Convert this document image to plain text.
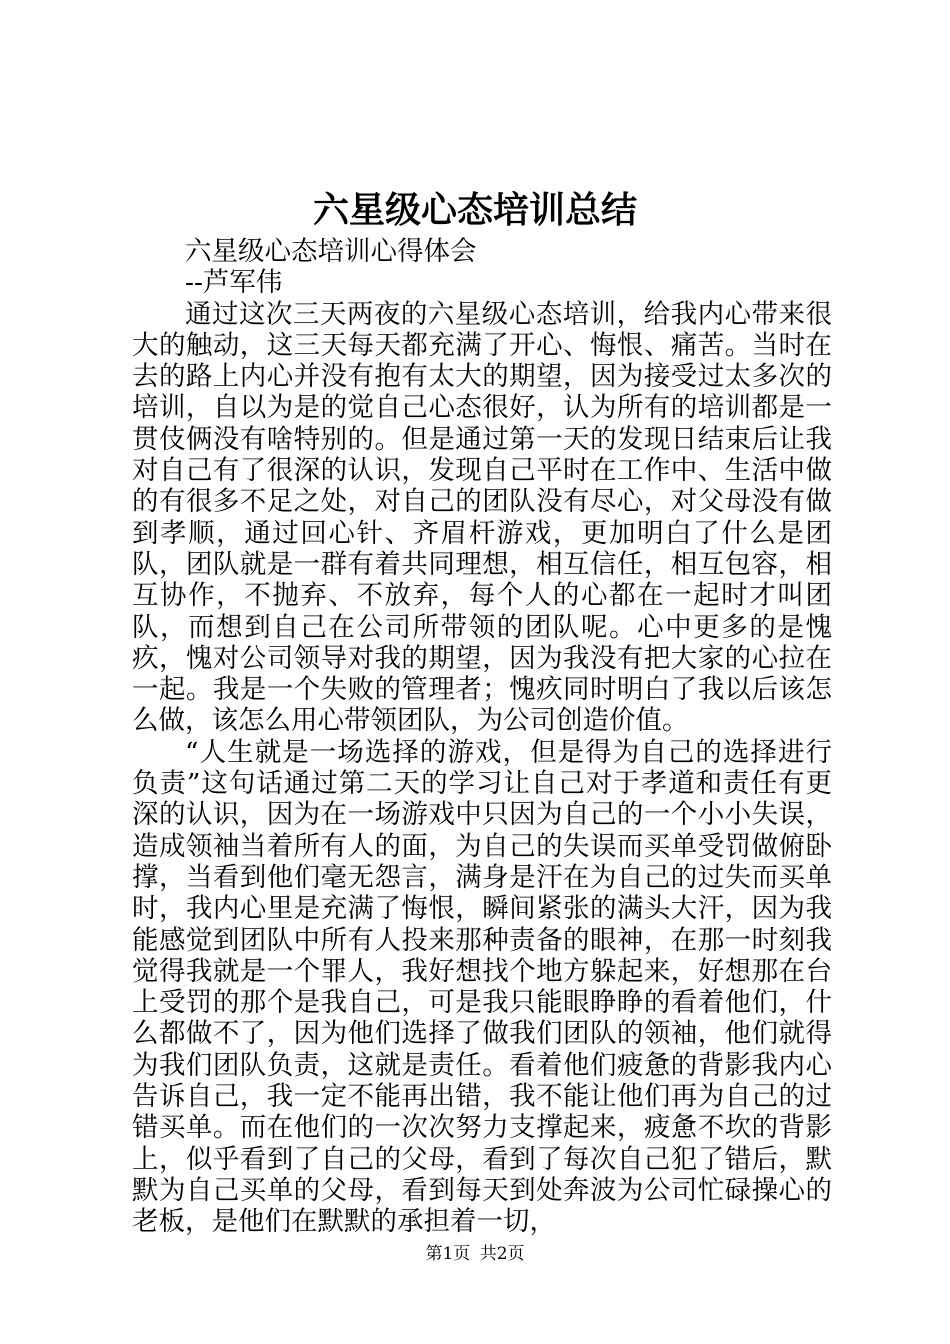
六星级心态培训总结

六星级心态培训心得体会

--芦军伟

通过这次三天两夜的六星级心态培训，给我内心带来很大的触动，这三天每天都充满了开心、悔恨、痛苦。当时在去的路上内心并没有抱有太大的期望，因为接受过太多次的培训，自以为是的觉自己心态很好，认为所有的培训都是一贯伎俩没有啥特别的。但是通过第一天的发现日结束后让我对自己有了很深的认识，发现自己平时在工作中、生活中做的有很多不足之处，对自己的团队没有尽心，对父母没有做到孝顺，通过回心针、齐眉杆游戏，更加明白了什么是团队，团队就是一群有着共同理想，相互信任，相互包容，相互协作，不抛弃、不放弃，每个人的心都在一起时才叫团队，而想到自己在公司所带领的团队呢。心中更多的是愧疚，愧对公司领导对我的期望，因为我没有把大家的心拉在一起。我是一个失败的管理者；愧疚同时明白了我以后该怎么做，该怎么用心带领团队，为公司创造价值。

“人生就是一场选择的游戏，但是得为自己的选择进行负责”这句话通过第二天的学习让自己对于孝道和责任有更深的认识，因为在一场游戏中只因为自己的一个小小失误，造成领袖当着所有人的面，为自己的失误而买单受罚做俯卧撑，当看到他们毫无怨言，满身是汗在为自己的过失而买单时，我内心里是充满了悔恨，瞬间紧张的满头大汗，因为我能感觉到团队中所有人投来那种责备的眼神，在那一时刻我觉得我就是一个罪人，我好想找个地方躲起来，好想那在台上受罚的那个是我自己，可是我只能眼睁睁的看着他们，什么都做不了，因为他们选择了做我们团队的领袖，他们就得为我们团队负责，这就是责任。看着他们疲惫的背影我内心告诉自己，我一定不能再出错，我不能让他们再为自己的过错买单。而在他们的一次次努力支撑起来，疲惫不坎的背影上，似乎看到了自己的父母，看到了每次自己犯了错后，默默为自己买单的父母，看到每天到处奔波为公司忙碌操心的老板，是他们在默默的承担着一切，

第1页 共2页
